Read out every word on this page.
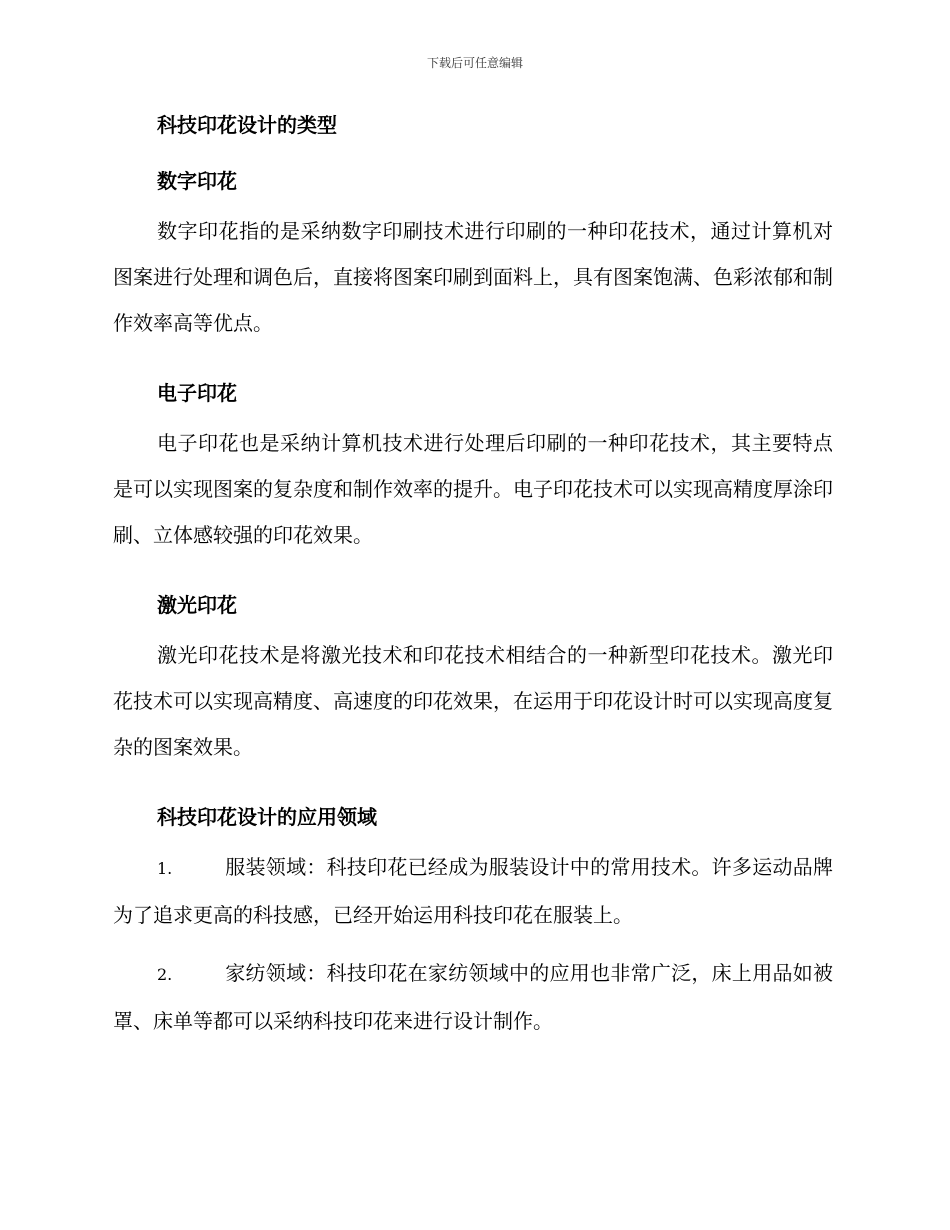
下载后可任意编辑
科技印花设计的类型
数字印花

数字印花指的是采纳数字印刷技术进行印刷的一种印花技术，通过计算机对图案进行处理和调色后，直接将图案印刷到面料上，具有图案饱满、色彩浓郁和制作效率高等优点。

电子印花

电子印花也是采纳计算机技术进行处理后印刷的一种印花技术，其主要特点是可以实现图案的复杂度和制作效率的提升。电子印花技术可以实现高精度厚涂印刷、立体感较强的印花效果。

激光印花

激光印花技术是将激光技术和印花技术相结合的一种新型印花技术。激光印花技术可以实现高精度、高速度的印花效果，在运用于印花设计时可以实现高度复杂的图案效果。

科技印花设计的应用领域

1.	服装领域：科技印花已经成为服装设计中的常用技术。许多运动品牌为了追求更高的科技感，已经开始运用科技印花在服装上。

2.	家纺领域：科技印花在家纺领域中的应用也非常广泛，床上用品如被罩、床单等都可以采纳科技印花来进行设计制作。
